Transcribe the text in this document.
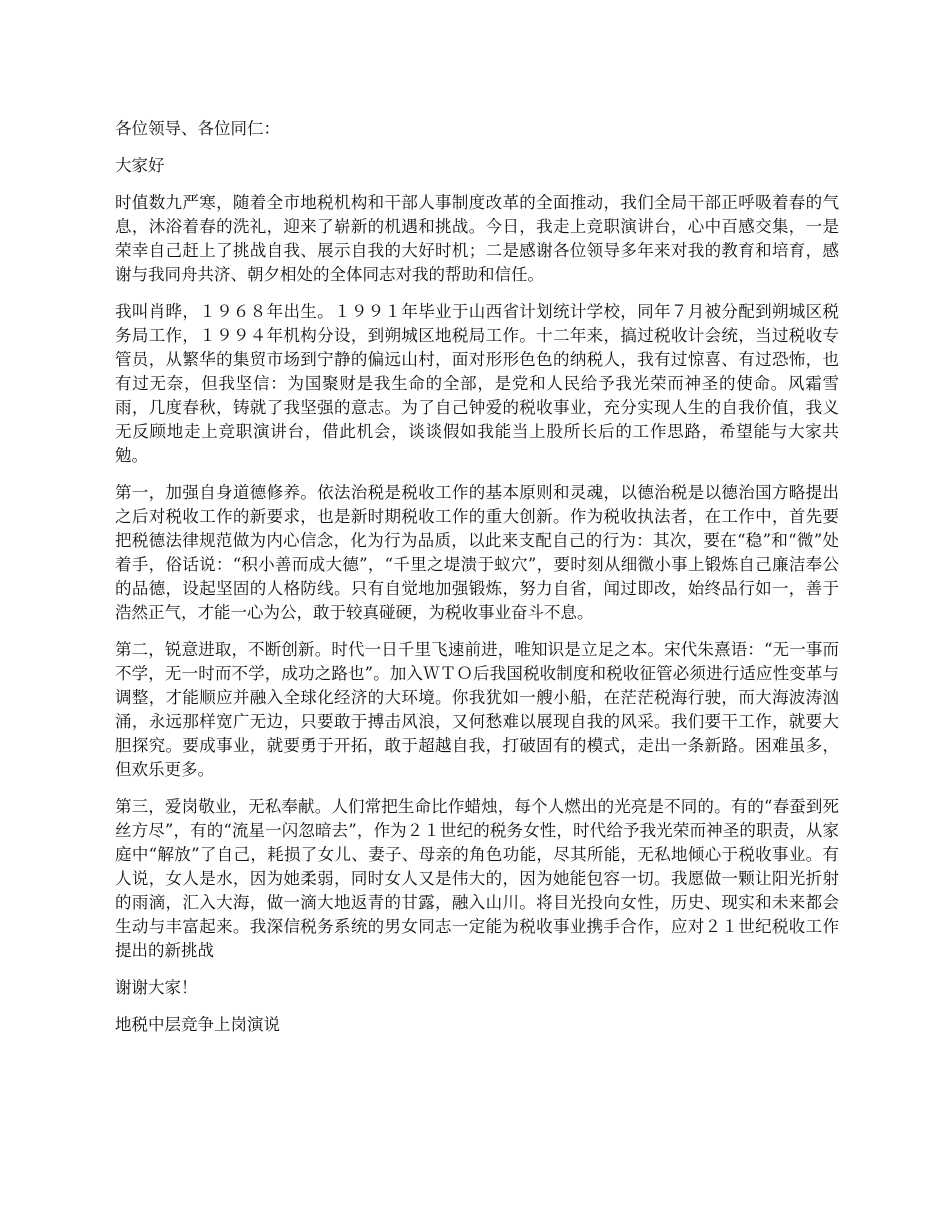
各位领导、各位同仁：

大家好

时值数九严寒，随着全市地税机构和干部人事制度改革的全面推动，我们全局干部正呼吸着春的气息，沐浴着春的洗礼，迎来了崭新的机遇和挑战。今日，我走上竞职演讲台，心中百感交集，一是荣幸自己赶上了挑战自我、展示自我的大好时机；二是感谢各位领导多年来对我的教育和培育，感谢与我同舟共济、朝夕相处的全体同志对我的帮助和信任。

我叫肖晔，１９６８年出生。１９９１年毕业于山西省计划统计学校，同年７月被分配到朔城区税务局工作，１９９４年机构分设，到朔城区地税局工作。十二年来，搞过税收计会统，当过税收专管员，从繁华的集贸市场到宁静的偏远山村，面对形形色色的纳税人，我有过惊喜、有过恐怖，也有过无奈，但我坚信：为国聚财是我生命的全部，是党和人民给予我光荣而神圣的使命。风霜雪雨，几度春秋，铸就了我坚强的意志。为了自己钟爱的税收事业，充分实现人生的自我价值，我义无反顾地走上竞职演讲台，借此机会，谈谈假如我能当上股所长后的工作思路，希望能与大家共勉。

第一，加强自身道德修养。依法治税是税收工作的基本原则和灵魂，以德治税是以德治国方略提出之后对税收工作的新要求，也是新时期税收工作的重大创新。作为税收执法者，在工作中，首先要把税德法律规范做为内心信念，化为行为品质，以此来支配自己的行为：其次，要在“稳”和“微”处着手，俗话说：“积小善而成大德”，“千里之堤溃于蚁穴”，要时刻从细微小事上锻炼自己廉洁奉公的品德，设起坚固的人格防线。只有自觉地加强锻炼，努力自省，闻过即改，始终品行如一，善于浩然正气，才能一心为公，敢于较真碰硬，为税收事业奋斗不息。

第二，锐意进取，不断创新。时代一日千里飞速前进，唯知识是立足之本。宋代朱熹语：“无一事而不学，无一时而不学，成功之路也”。加入ＷＴＯ后我国税收制度和税收征管必须进行适应性变革与调整，才能顺应并融入全球化经济的大环境。你我犹如一艘小船，在茫茫税海行驶，而大海波涛汹涌，永远那样宽广无边，只要敢于搏击风浪，又何愁难以展现自我的风采。我们要干工作，就要大胆探究。要成事业，就要勇于开拓，敢于超越自我，打破固有的模式，走出一条新路。困难虽多，但欢乐更多。

第三，爱岗敬业，无私奉献。人们常把生命比作蜡烛，每个人燃出的光亮是不同的。有的“春蚕到死丝方尽”，有的“流星一闪忽暗去”，作为２１世纪的税务女性，时代给予我光荣而神圣的职责，从家庭中“解放”了自己，耗损了女儿、妻子、母亲的角色功能，尽其所能，无私地倾心于税收事业。有人说，女人是水，因为她柔弱，同时女人又是伟大的，因为她能包容一切。我愿做一颗让阳光折射的雨滴，汇入大海，做一滴大地返青的甘露，融入山川。将目光投向女性，历史、现实和未来都会生动与丰富起来。我深信税务系统的男女同志一定能为税收事业携手合作，应对２１世纪税收工作提出的新挑战

谢谢大家！

地税中层竞争上岗演说
